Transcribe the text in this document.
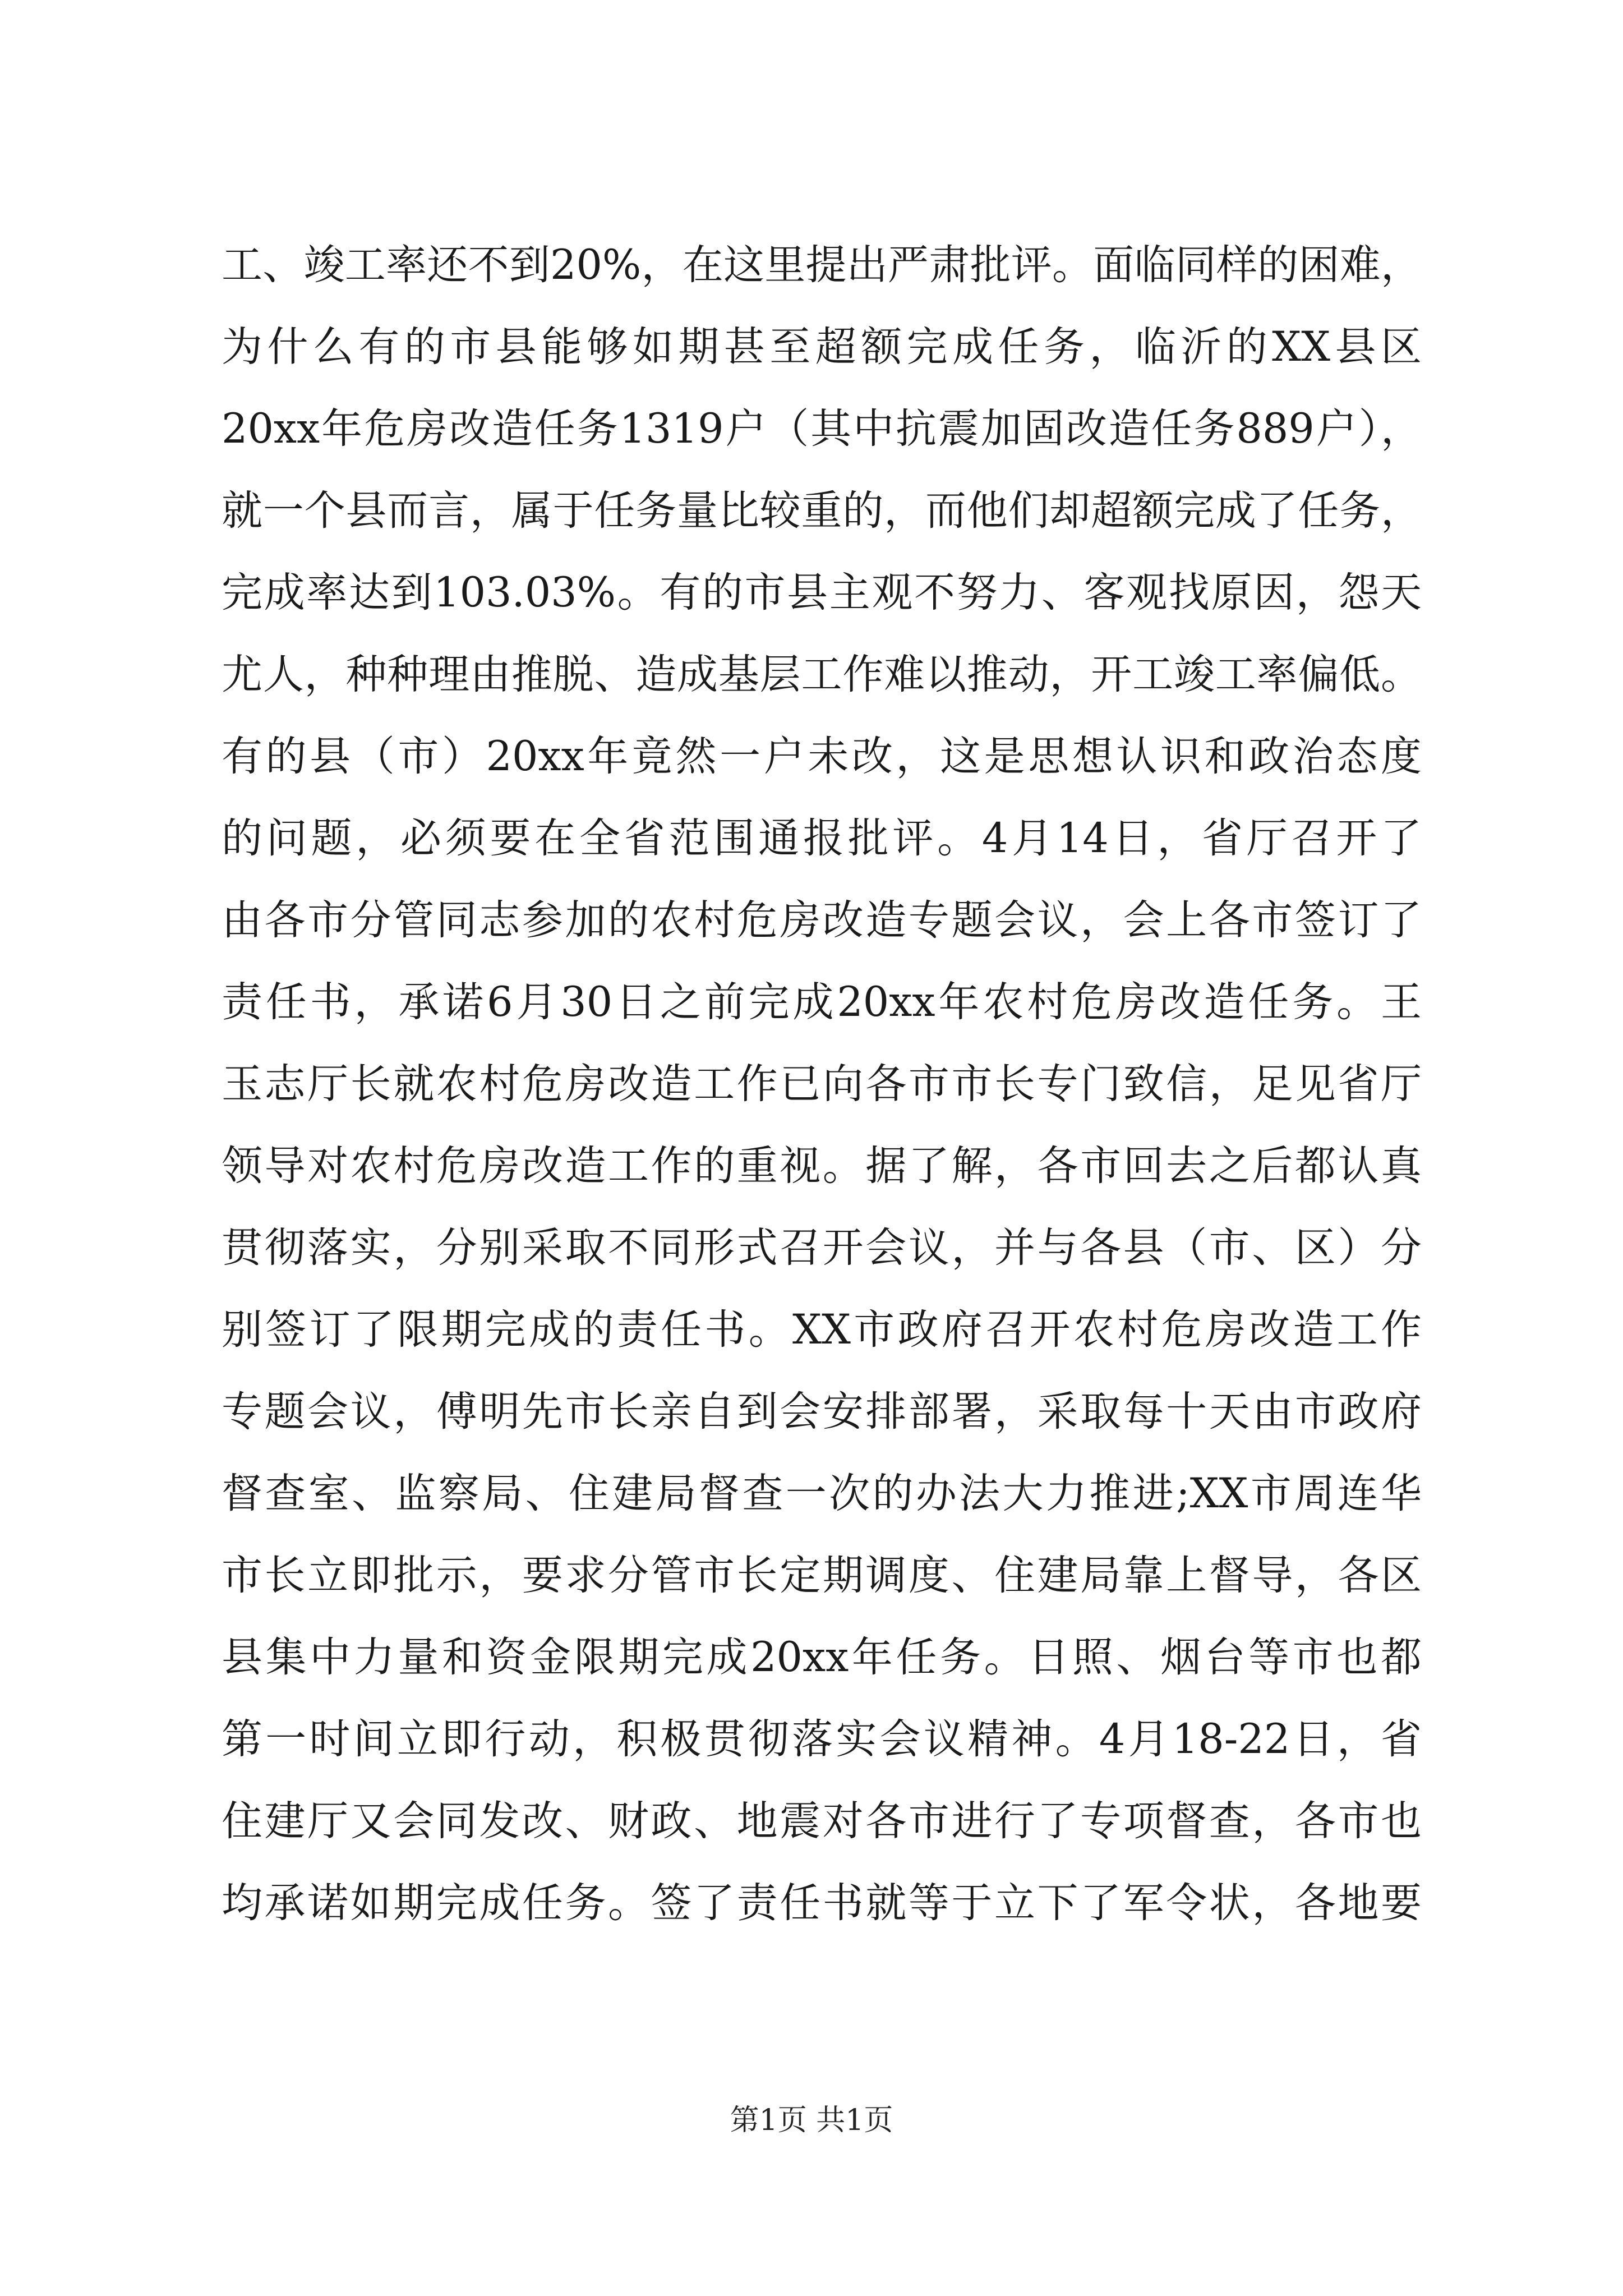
工、竣工率还不到20%，在这里提出严肃批评。面临同样的困难，
为什么有的市县能够如期甚至超额完成任务，临沂的XX县区
20xx年危房改造任务1319户（其中抗震加固改造任务889户），
就一个县而言，属于任务量比较重的，而他们却超额完成了任务，
完成率达到103.03%。有的市县主观不努力、客观找原因，怨天
尤人，种种理由推脱、造成基层工作难以推动，开工竣工率偏低。
有的县（市）20xx年竟然一户未改，这是思想认识和政治态度
的问题，必须要在全省范围通报批评。4月14日，省厅召开了
由各市分管同志参加的农村危房改造专题会议，会上各市签订了
责任书，承诺6月30日之前完成20xx年农村危房改造任务。王
玉志厅长就农村危房改造工作已向各市市长专门致信，足见省厅
领导对农村危房改造工作的重视。据了解，各市回去之后都认真
贯彻落实，分别采取不同形式召开会议，并与各县（市、区）分
别签订了限期完成的责任书。XX市政府召开农村危房改造工作
专题会议，傅明先市长亲自到会安排部署，采取每十天由市政府
督查室、监察局、住建局督查一次的办法大力推进;XX市周连华
市长立即批示，要求分管市长定期调度、住建局靠上督导，各区
县集中力量和资金限期完成20xx年任务。日照、烟台等市也都
第一时间立即行动，积极贯彻落实会议精神。4月18-22日，省
住建厅又会同发改、财政、地震对各市进行了专项督查，各市也
均承诺如期完成任务。签了责任书就等于立下了军令状，各地要
第1页 共1页
